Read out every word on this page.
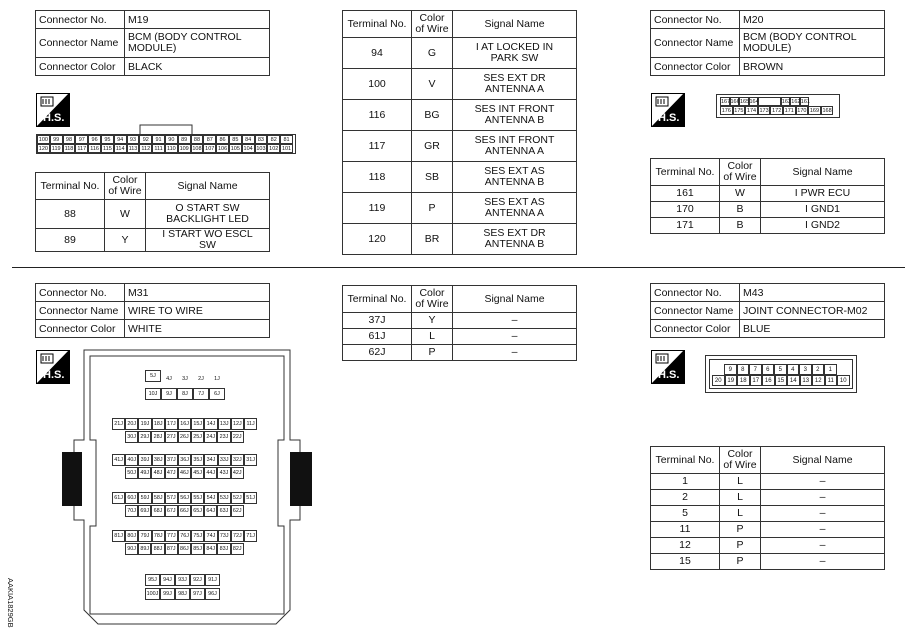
Connector No.	M19
Connector Name	BCM (BODY CONTROL MODULE)
Connector Color	BLACK
H.S.
100 99	98	97	96	95	94	93	92	91	90	89	88	87	86	85	84	83	82	81
120 119 118 117 116 115 114 113 112 111 110 109 108 107 106 105 104 103 102 101
Terminal No.	Color of Wire	Signal Name
88	W	O START SW BACKLIGHT LED
89	Y	I START WO ESCL SW
Terminal No.	Color of Wire	Signal Name
94	G	I AT LOCKED IN PARK SW
100	V	SES EXT DR ANTENNA A
116	BG	SES INT FRONT ANTENNA B
117	GR	SES INT FRONT ANTENNA A
118	SB	SES EXT AS ANTENNA B
119	P	SES EXT AS ANTENNA A
120	BR	SES EXT DR ANTENNA B
Connector No.	M20
Connector Name	BCM (BODY CONTROL MODULE)
Connector Color	BROWN
H.S.
167 166 165 164	163 162 161
176 175 174 173 172 171 170 169 168
Terminal No.	Color of Wire	Signal Name
161	W	I PWR ECU
170	B	I GND1
171	B	I GND2
Connector No.	M31
Connector Name	WIRE TO WIRE
Connector Color	WHITE
H.S.	5J	4J	3J	2J	1J
10J	9J	8J	7J	6J
21J 20J 19J 18J 17J 16J 15J 14J 13J 12J 11J
30J 29J 28J 27J 26J 25J 24J 23J 22J
41J 40J 39J 38J 37J 36J 35J 34J 33J 32J 31J
50J 49J 48J 47J 46J 45J 44J 43J 42J
61J 60J 59J 58J 57J 56J 55J 54J 53J 52J 51J
70J 69J 68J 67J 66J 65J 64J 63J 62J
81J 80J 79J 78J 77J 76J 75J 74J 73J 72J 71J
90J 89J 88J 87J 86J 85J 84J 83J 82J
95J	94J	93J	92J	91J
100J 99J	98J	97J	96J
AAKIA1829GB
Terminal No.	Color of Wire	Signal Name
37J	Y	–
61J	L	–
62J	P	–
Connector No.	M43
Connector Name	JOINT CONNECTOR-M02
Connector Color	BLUE
H.S.	9	8	7	6	5	4	3	2	1
20 19 18 17 16 15 14 13 12	11	10
Terminal No.	Color of Wire	Signal Name
1	L	–
2	L	–
5	L	–
11	P	–
12	P	–
15	P	–
